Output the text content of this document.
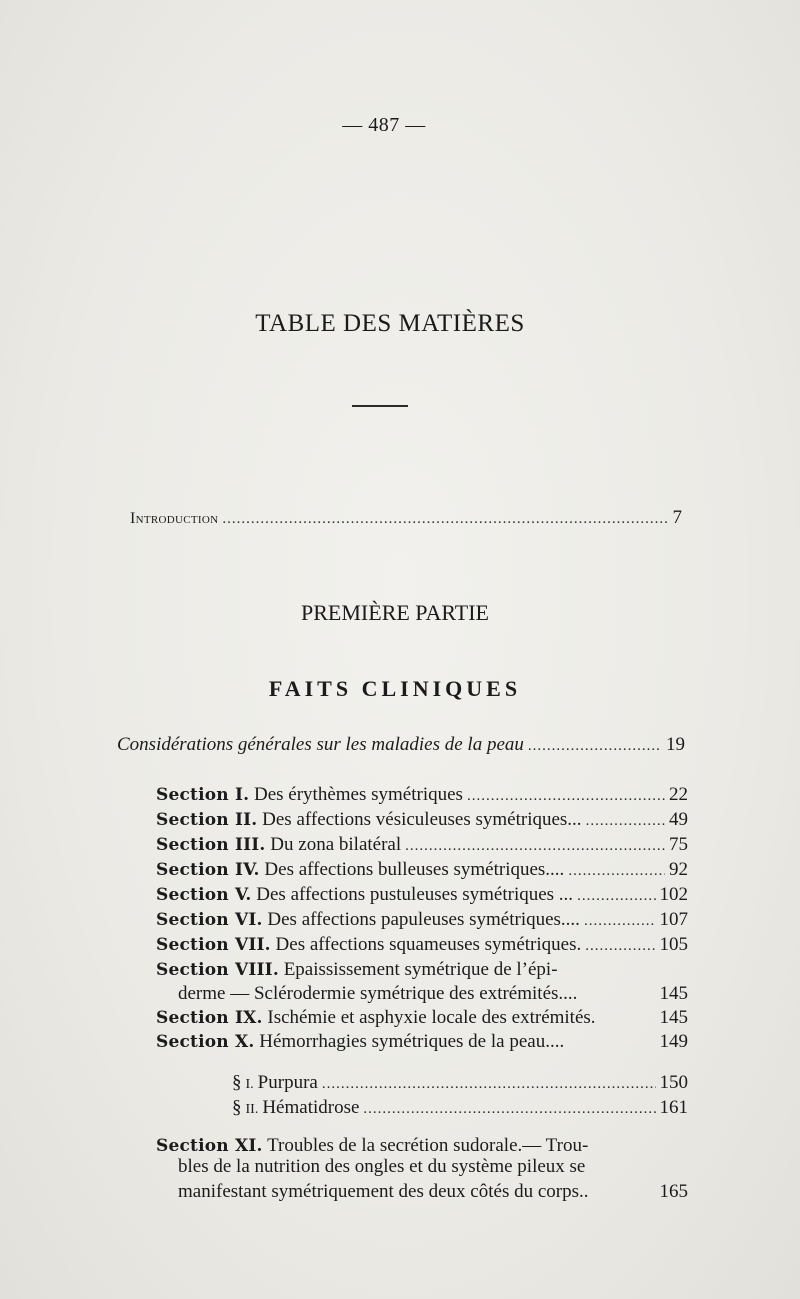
— 487 —
TABLE DES MATIÈRES
Introduction .....	7
PREMIÈRE PARTIE
FAITS CLINIQUES
Considérations générales sur les maladies de la peau .....	19
Section I. Des érythèmes symétriques .....	22
Section II. Des affections vésiculeuses symétriques... .....	49
Section III. Du zona bilatéral .....	75
Section IV. Des affections bulleuses symétriques.... .....	92
Section V. Des affections pustuleuses symétriques ... .....	102
Section VI. Des affections papuleuses symétriques.... .....	107
Section VII. Des affections squameuses symétriques. .....	105
Section VIII. Epaississement symétrique de l’épi-
derme — Sclérodermie symétrique des extrémités....	145
Section IX. Ischémie et asphyxie locale des extrémités.	145
Section X. Hémorrhagies symétriques de la peau....	149
§ I. Purpura .....	150
§ II. Hématidrose .....	161
Section XI. Troubles de la secrétion sudorale.— Trou-
bles de la nutrition des ongles et du système pileux se
manifestant symétriquement des deux côtés du corps..	165
